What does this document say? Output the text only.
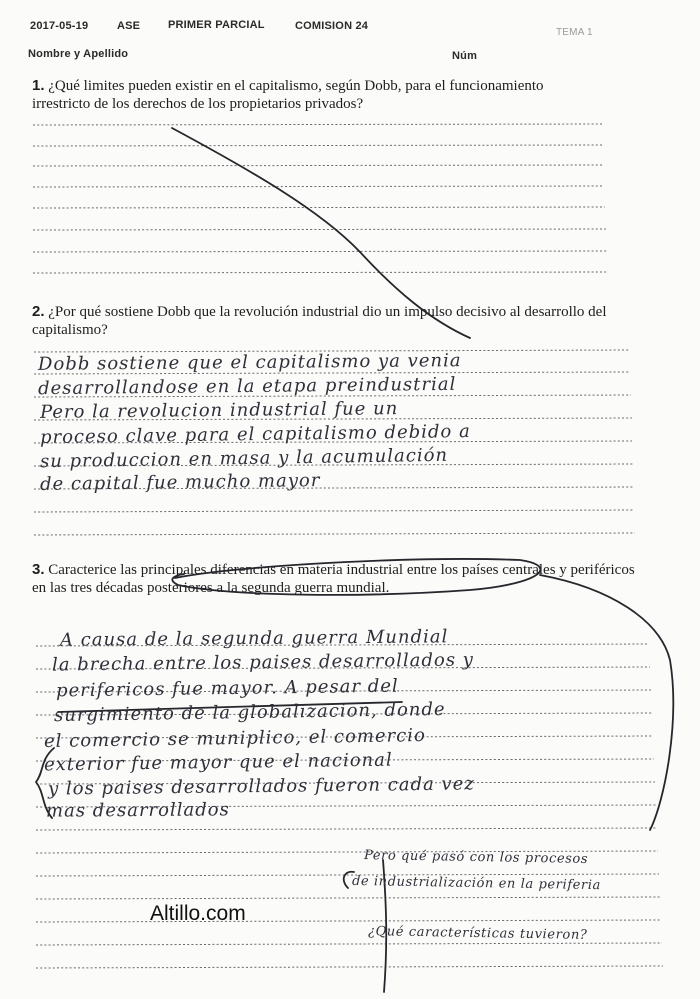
2017-05-19	ASE	PRIMER PARCIAL	COMISION 24
TEMA 1
Nombre y Apellido	Núm
1. ¿Qué limites pueden existir en el capitalismo, según Dobb, para el funcionamiento irrestricto de los derechos de los propietarios privados?
2. ¿Por qué sostiene Dobb que la revolución industrial dio un impulso decisivo al desarrollo del capitalismo?
3. Caracterice las principales diferencias en materia industrial entre los países centrales y periféricos en las tres décadas posteriores a la segunda guerra mundial.
Dobb sostiene que el capitalismo ya venia
desarrollandose en la etapa preindustrial
Pero la revolucion industrial fue un
proceso clave para el capitalismo debido a
su produccion en masa y la acumulación
de capital fue mucho mayor
A causa de la segunda guerra Mundial
la brecha entre los paises desarrollados y
perifericos fue mayor. A pesar del
surgimiento de la globalizacion, donde
el comercio se muniplico, el comercio
exterior fue mayor que el nacional
y los paises desarrollados fueron cada vez
mas desarrollados
Pero qué pasó con los procesos
de industrialización en la periferia
¿Qué características tuvieron?
Altillo.com
